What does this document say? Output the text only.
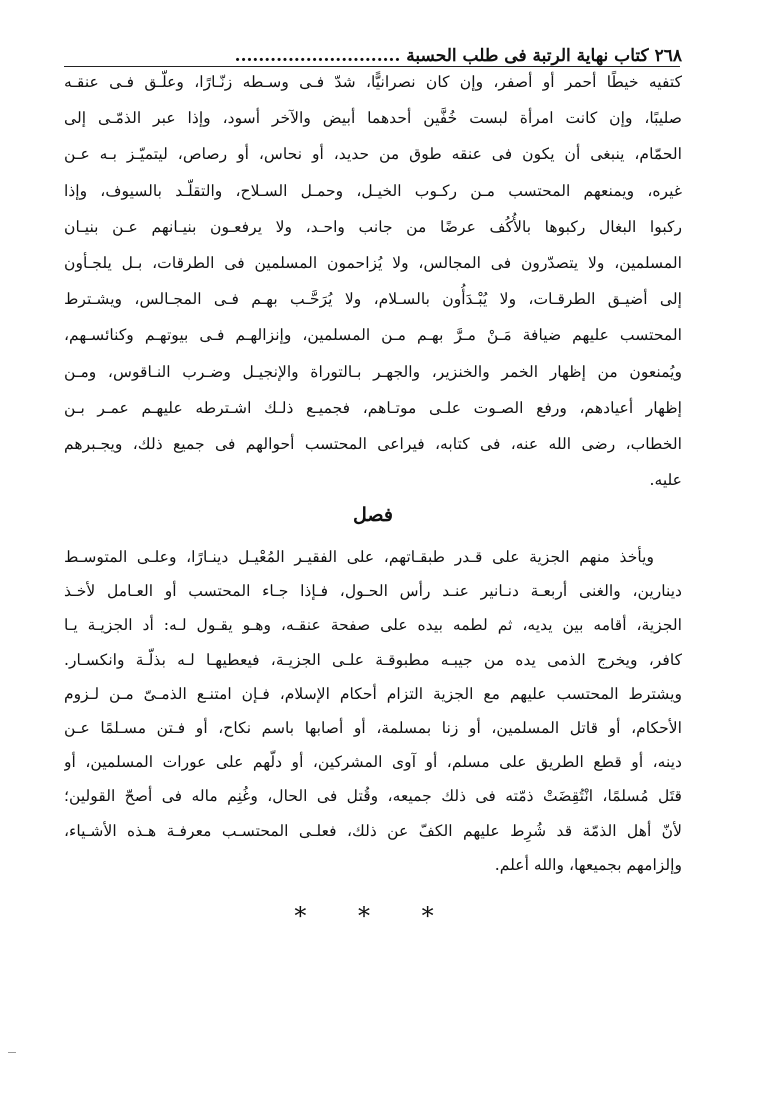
٢٦٨
كتاب نهاية الرتبة فى طلب الحسبة ............................
كتفيه خيطًا أحمر أو أصفر، وإن كان نصرانيًّا، شدّ فـى وسـطه زنّـارًا، وعلّـق فـى عنقـه
صليبًا، وإن كانت امرأة لبست خُفَّين أحدهما أبيض والآخر أسود، وإذا عبر الذمّـى إلى
الحمّام، ينبغى أن يكون فى عنقه طوق من حديد، أو نحاس، أو رصاص، ليتميّـز بـه عـن
غيره، ويمنعهم المحتسب مـن ركـوب الخيـل، وحمـل السـلاح، والتقلّـد بالسيوف، وإذا
ركبوا البغال ركبوها بالأُكُف عرضًا من جانب واحـد، ولا يرفعـون بنيـانهم عـن بنيـان
المسلمين، ولا يتصدّرون فى المجالس، ولا يُزاحمون المسلمين فى الطرقات، بـل يلجـأون
إلى أضيـق الطرقـات، ولا يُبْـدَأُون بالسـلام، ولا يُرَحَّـب بهـم فـى المجـالس، ويشـترط
المحتسب عليهم ضيافة مَـنْ مـرَّ بهـم مـن المسلمين، وإنزالهـم فـى بيوتهـم وكنائسـهم،
ويُمنعون من إظهار الخمر والخنزير، والجهـر بـالتوراة والإنجيـل وضـرب النـاقوس، ومـن
إظهار أعيادهم، ورفع الصـوت علـى موتـاهم، فجميـع ذلـك اشـترطه عليهـم عمـر بـن
الخطاب، رضى الله عنه، فى كتابه، فيراعى المحتسب أحوالهم فى جميع ذلك، ويجـبرهم
عليه.
فصل
ويأخذ منهم الجزية على قـدر طبقـاتهم، على الفقيـر المُعْيـل دينـارًا، وعلـى المتوسـط
دينارين، والغنى أربعـة دنـانير عنـد رأس الحـول، فـإذا جـاء المحتسب أو العـامل لأخـذ
الجزية، أقامه بين يديه، ثم لطمه بيده على صفحة عنقـه، وهـو يقـول لـه: أد الجزيـة يـا
كافر، ويخرج الذمى يده من جيبـه مطبوقـة علـى الجزيـة، فيعطيهـا لـه بذلّـة وانكسـار.
ويشترط المحتسب عليهم مع الجزية التزام أحكام الإسلام، فـإن امتنـع الذمـىّ مـن لـزوم
الأحكام، أو قاتل المسلمين، أو زنا بمسلمة، أو أصابها باسم نكاح، أو فـتن مسـلمًا عـن
دينه، أو قطع الطريق على مسلم، أو آوى المشركين، أو دلّهم على عورات المسلمين، أو
قتَل مُسلمًا، انْتُقِضَتْ ذمّته فى ذلك جميعه، وقُتل فى الحال، وغُنِم ماله فى أصحّ القولين؛
لأنّ أهل الذمّة قد شُرِط عليهم الكفّ عن ذلك، فعلـى المحتسـب معرفـة هـذه الأشـياء،
وإلزامهم بجميعها، والله أعلم.
* * *
